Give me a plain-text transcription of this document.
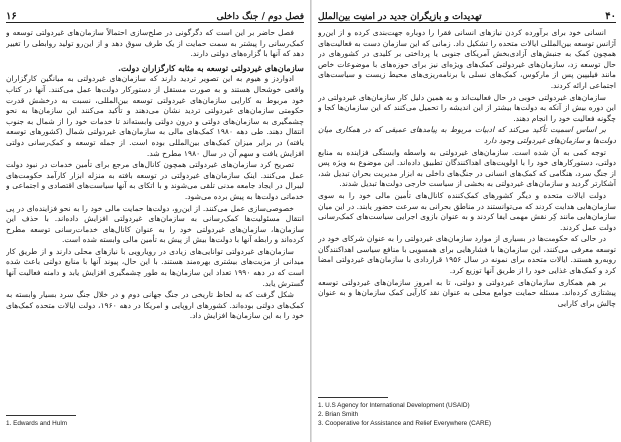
فصل دوم / جنگ داخلی
۱۶

فصل حاضر بر این است که دگرگونی در صلح‌سازی احتمالاً سازمان‌های غیردولتی توسعه و کمک‌رسانی را پیشتر به سمت حمایت از یک طرف سوق دهد و از این‌رو تولید روابطی را تغییر دهد که آنها با گزاره‌های دولتی دارند.

سازمان‌های غیردولتی توسعه به مثابه کارگزاران دولت.

ادواردز و هیوم به این تصویر تردید دارند که سازمان‌های غیردولتی به میانگین کارگزاران واقعی خوشحال هستند و به صورت مستقل از دستورکار دولت‌ها عمل می‌کنند. آنها در کتاب خود مربوط به کارایی سازمان‌های غیردولتی توسعه بین‌المللی، نسبت به درخشش قدرت حکومتی سازمان‌های غیردولتی تردید نشان می‌دهند و تأکید می‌کنند این سازمان‌ها به نحو چشمگیری به سازمان‌های دولتی و درون دولتی وابسته‌اند تا خدمات خود را از شمال به جنوب انتقال دهند. طی دهه ۱۹۸۰ کمک‌های مالی به سازمان‌های غیردولتی شمال (کشورهای توسعه یافته) در برابر میزان کمک‌های بین‌المللی بوده است. از جمله توسعه و کمک‌رسانی دولتی افزایش یافت و سهم آن در سال ۱۹۸۰ مطرح شد.

تصریح کرد سازمان‌های غیردولتی همچون کانال‌های مرجع برای تأمین خدمات در نبود دولت عمل می‌کنند. اینک سازمان‌های غیردولتی در توسعه بافته به منزله ابزار کارآمد حکومت‌های لیبرال در ایجاد جامعه مدنی تلقی می‌شوند و با اتکای به آنها سیاست‌های اقتصادی و اجتماعی و خدماتی دولت‌ها به پیش برده می‌شود.

خصوصی‌سازی عمل می‌کنند. از این‌رو، دولت‌ها حمایت مالی خود را به نحو فزاینده‌ای در پی انتقال مسئولیت‌ها کمک‌رسانی به سازمان‌های غیردولتی افزایش داده‌اند. با حذف این سازمان‌ها، سازمان‌های غیردولتی خود را به عنوان کانال‌های خدمات‌رسانی توسعه مطرح کرده‌اند و رابطه آنها با دولت‌ها بیش از پیش به تأمین مالی وابسته شده است.

سازمان‌های غیردولتی توانایی‌های زیادی در رویارویی با نیازهای محلی دارند و از طریق کار میدانی از مزیت‌های بیشتری بهره‌مند هستند. با این حال، پیوند آنها با منابع دولتی باعث شده است که در دهه ۱۹۹۰ تعداد این سازمان‌ها به طور چشمگیری افزایش یابد و دامنه فعالیت آنها گسترش یابد.

شکل گرفت که به لحاظ تاریخی در جنگ جهانی دوم و در خلال جنگ سرد بسیار وابسته به کمک‌های دولتی بوده‌اند. کشورهای اروپایی و امریکا در دهه ۱۹۶۰، دولت ایالات متحده کمک‌های خود را به این سازمان‌ها افزایش داد.

1. Edwards and Hulm
۴۰
تهدیدات و بازیگران جدید در امنیت بین‌الملل

انسانی خود برای برآورده کردن نیازهای انسانی فقرا را دوباره جهت‌بندی کرده و از این‌رو آژانس توسعه بین‌المللی ایالات متحده را تشکیل داد. زمانی که این سازمان دست به فعالیت‌های همچون کمک به جنبش‌های آزادی‌بخش آمریکای جنوبی یا پرداختی بر کلیدی در کشورهای در حال توسعه زد، سازمان‌های غیردولتی کمک‌های ویژه‌ای نیز برای حوزه‌های با موضوعات خاص مانند فیلیپین پس از مارکوس، کمک‌های نسلی یا برنامه‌ریزی‌های محیط زیست و سیاست‌های اجتماعی ارائه کردند.

سازمان‌های غیردولتی خوبی در حال فعالیت‌اند و به همین دلیل کار سازمان‌های غیردولتی در این دوره بیش از آنکه به دولت‌ها بیشتر از این اندیشه را تحمیل می‌کنند که این سازمان‌ها کجا و چگونه فعالیت خود را انجام دهند.

بر اساس اسمیت تأکید می‌کند که ادبیات مربوط به پیامدهای عمیقی که در همکاری میان دولت‌ها و سازمان‌های غیردولتی وجود دارد

توجه کمی به آن شده است. سازمان‌های غیردولتی به واسطه وابستگی فزاینده به منابع دولتی، دستورکارهای خود را با اولویت‌های اهداکنندگان تطبیق داده‌اند. این موضوع به ویژه پس از جنگ سرد، هنگامی که کمک‌های انسانی در جنگ‌های داخلی به ابزار مدیریت بحران تبدیل شد، آشکارتر گردید و سازمان‌های غیردولتی به بخشی از سیاست خارجی دولت‌ها تبدیل شدند.

دولت ایالات متحده و دیگر کشورهای کمک‌کننده کانال‌های تأمین مالی خود را به سوی سازمان‌هایی هدایت کردند که می‌توانستند در مناطق بحرانی به سرعت حضور یابند. در این میان سازمان‌هایی مانند کِر نقش مهمی ایفا کردند و به عنوان بازوی اجرایی سیاست‌های کمک‌رسانی دولت عمل کردند.

در حالی که حکومت‌ها در بسیاری از موارد سازمان‌های غیردولتی را به عنوان شرکای خود در توسعه معرفی می‌کنند، این سازمان‌ها با فشارهایی برای همسویی با منافع سیاسی اهداکنندگان روبه‌رو هستند. ایالات متحده برای نمونه در سال ۱۹۵۶ قراردادی با سازمان‌های غیردولتی امضا کرد و کمک‌های غذایی خود را از طریق آنها توزیع کرد.

بر هم همکاری سازمان‌های غیردولتی و دولتی، تا به امروز سازمان‌های غیردولتی توسعه پیشتازی کرده‌اند. مسئله حمایت جوامع محلی به عنوان نقد کارآیی کمک سازمان‌ها و به عنوان چالش برای کارایی

1. U.S Agency for International Development (USAID)
2. Brian Smith
3. Cooperative for Assistance and Relief Everywhere (CARE)
